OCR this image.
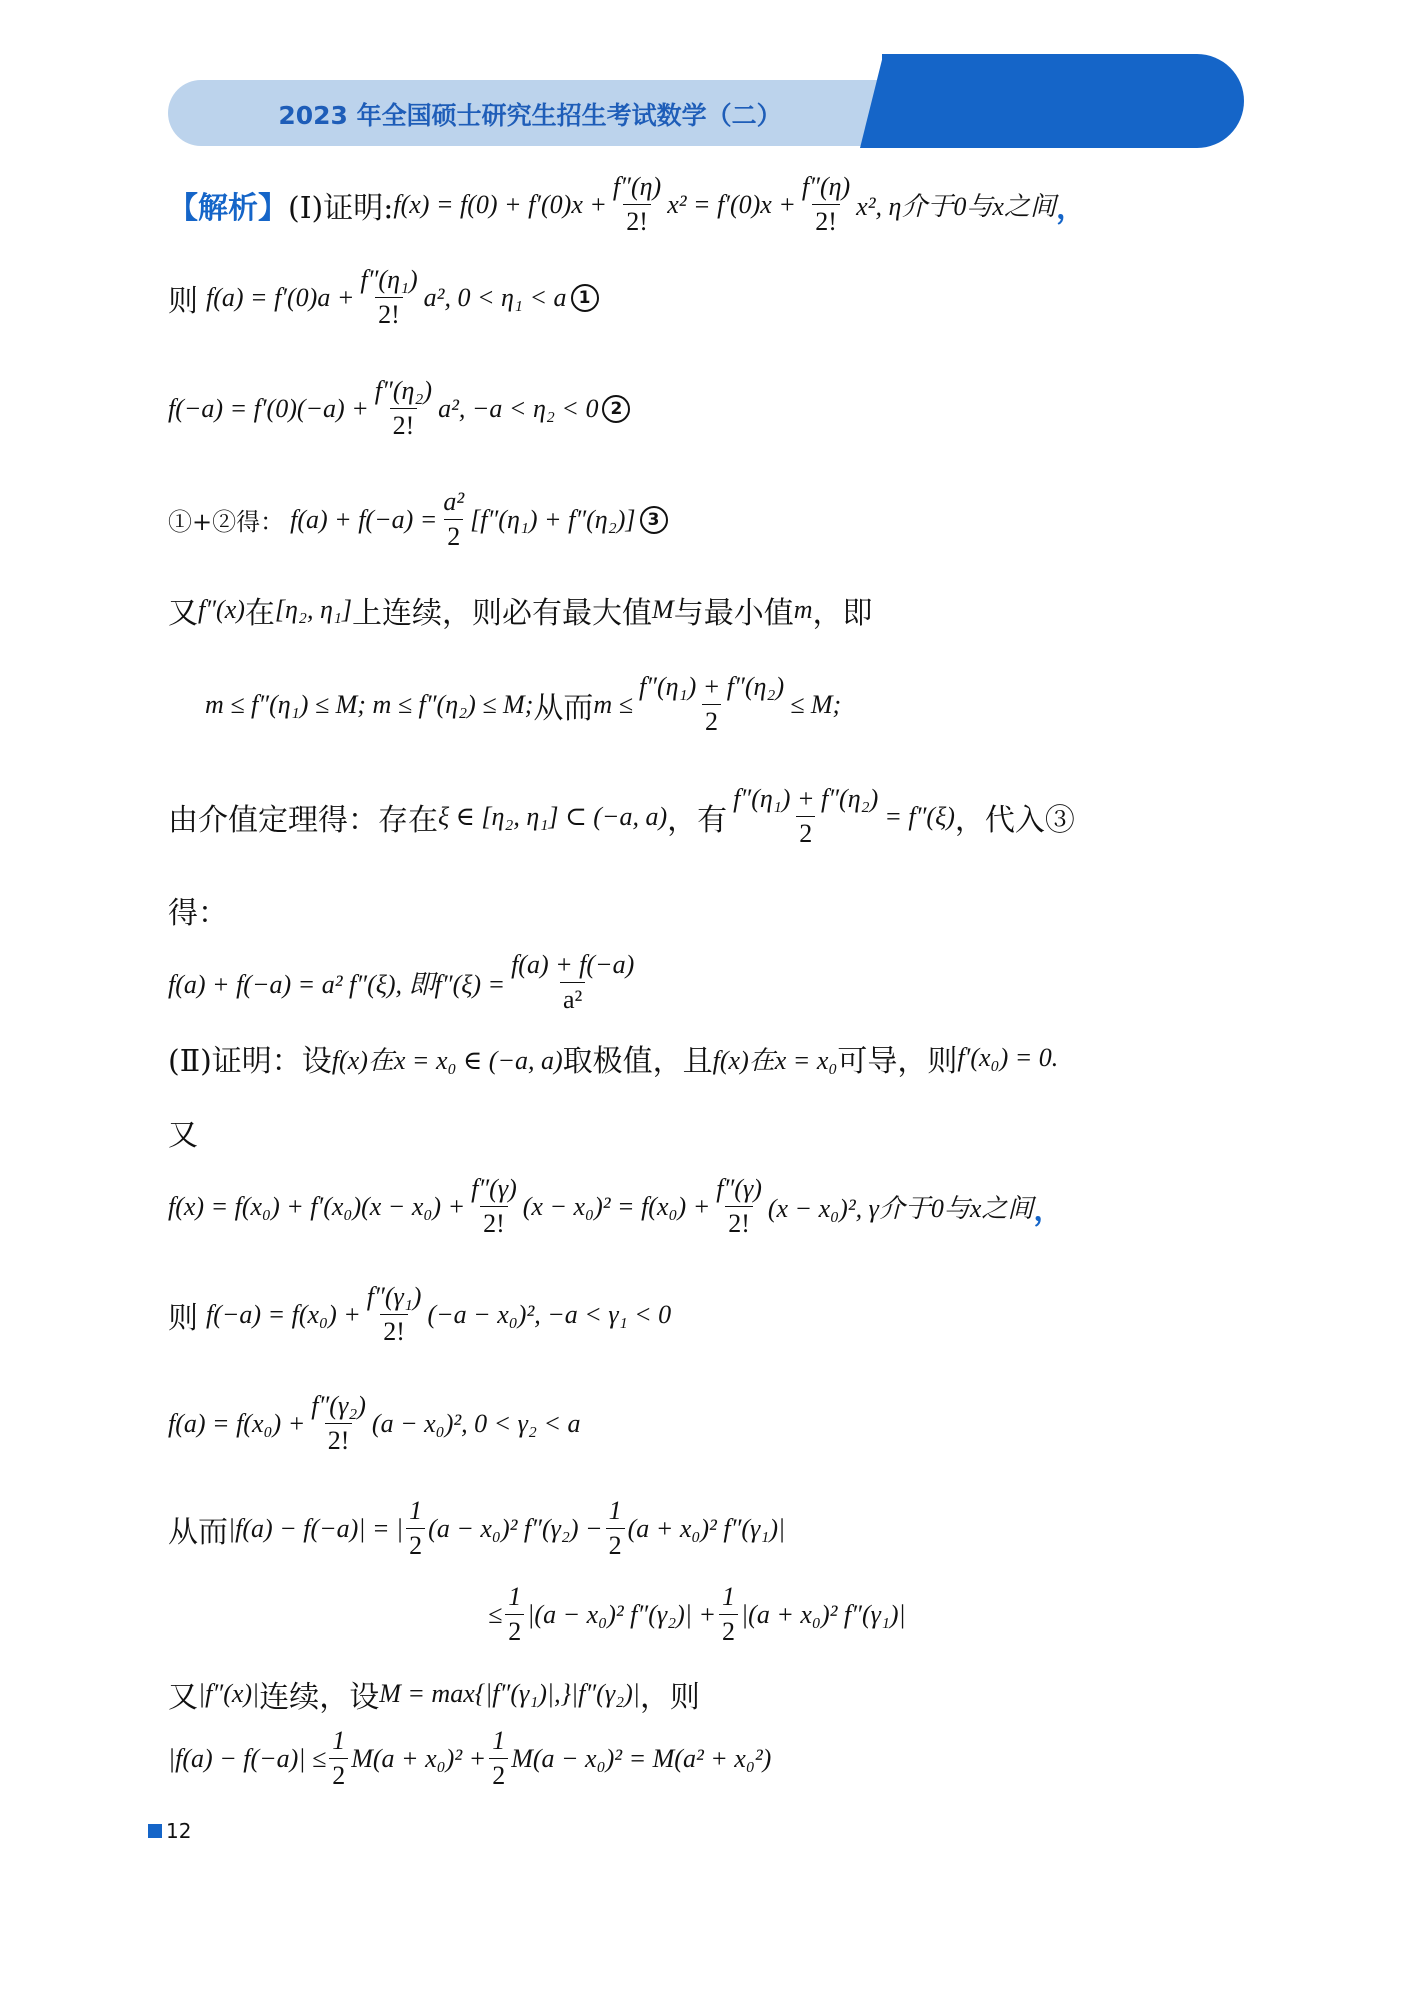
2023 年全国硕士研究生招生考试数学（二）
【解析】 (Ⅰ)证明: $f(x) = f(0) + f'(0)x + \frac{f''(\eta)}{2!} x^2 = f'(0)x + \frac{f''(\eta)}{2!} x^2$, η介于0与x之间 ，
则 $f(a) = f'(0)a + \frac{\text{f″(η₁)}}{2!} a^2$, 0 < η₁ < a 1
$f(-a) = f'(0)(-a) + \frac{\text{f″(η₂)}}{2!} a^2$, −a < η₂ < 0 2
①+②得： $f(a) + f(-a) = \frac{\text{a²}}{2} [f''(\eta_1) + f''(\eta_2)]$ 3
又 f″(x) 在 [η₂, η₁] 上连续，则必有最大值 M 与最小值 m ，即
m ≤ f″(η₁) ≤ M; m ≤ f″(η₂) ≤ M; 从而 $m \le \frac{\text{f″(η₁) + f″(η₂)}}{2} \le M$;
由介值定理得：存在 ξ ∈ [η₂, η₁] ⊂ (−a, a) ，有 $\frac{\text{f″(η₁) + f″(η₂)}}{2} = f''(\xi)$ ，代入③
得：
f(a) + f(−a) = a² f″(ξ), 即$f''(\xi) = \frac{f(a) + f(-a)}{\text{a²}}$
(Ⅱ)证明：设 f(x)在x = x₀ ∈ (−a, a) 取极值，且 f(x)在x = x₀ 可导，则 f′(x₀) = 0.
又
$f(x) = f(x_0) + f'(x_0)(x - x_0) + \frac{f''(\gamma)}{2!} (x - x_0)^2 = f(x_0) + \frac{f''(\gamma)}{2!} (x - x_0)^2$, γ介于0与x之间 ，
则 $f(-a) = f(x_0) + \frac{\text{f″(γ₁)}}{2!} (-a - x_0)^2$, −a < γ₁ < 0
$f(a) = f(x_0) + \frac{\text{f″(γ₂)}}{2!} (a - x_0)^2$, 0 < γ₂ < a
从而 |f(a) − f(−a)| = | $\frac{1}{2} (a - x_0)^2$ $f''(\gamma_2) - \frac{1}{2} (a + x_0)^2$ f″(γ₁)|
≤ $\frac{1}{2} |(a - x_0)^2$ $f''(\gamma_2)| + \frac{1}{2} |(a + x_0)^2$ f″(γ₁)|
又 |f″(x)| 连续，设 M = max{|f″(γ₁)|,}|f″(γ₂)| ，则
$|f(a) - f(-a)| \le \frac{1}{2} M(a + x_0)^2 + \frac{1}{2} M(a - x_0)^2 = M(a^2 + x_0^2)$
12
